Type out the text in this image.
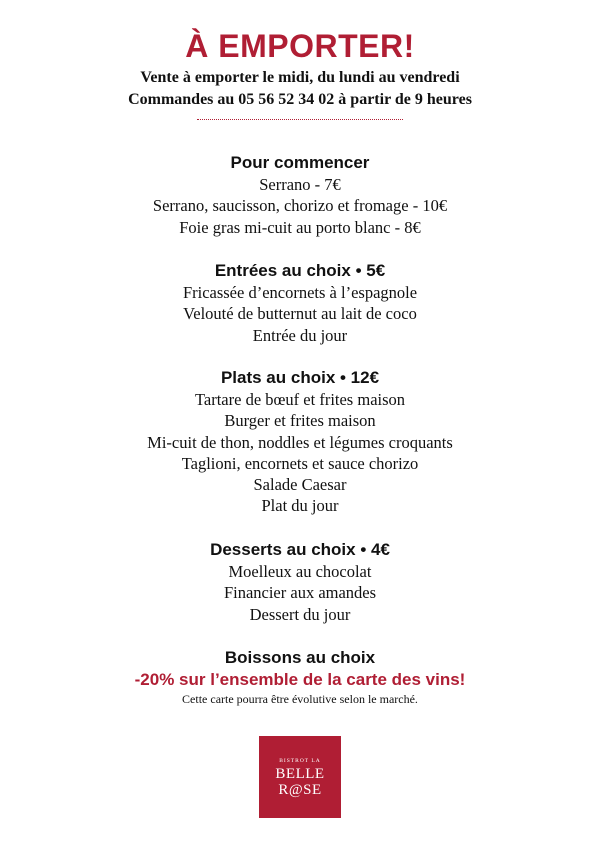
À EMPORTER!
Vente à emporter le midi, du lundi au vendredi
Commandes au 05 56 52 34 02 à partir de 9 heures
Pour commencer
Serrano - 7€
Serrano, saucisson, chorizo et fromage - 10€
Foie gras mi-cuit au porto blanc - 8€
Entrées au choix • 5€
Fricassée d’encornets à l’espagnole
Velouté de butternut au lait de coco
Entrée du jour
Plats au choix • 12€
Tartare de bœuf et frites maison
Burger et frites maison
Mi-cuit de thon, noddles et légumes croquants
Taglioni, encornets et sauce chorizo
Salade Caesar
Plat du jour
Desserts au choix • 4€
Moelleux au chocolat
Financier aux amandes
Dessert du jour
Boissons au choix
-20% sur l’ensemble de la carte des vins!
Cette carte pourra être évolutive selon le marché.
BISTROT LA
BELLE
R@SE
